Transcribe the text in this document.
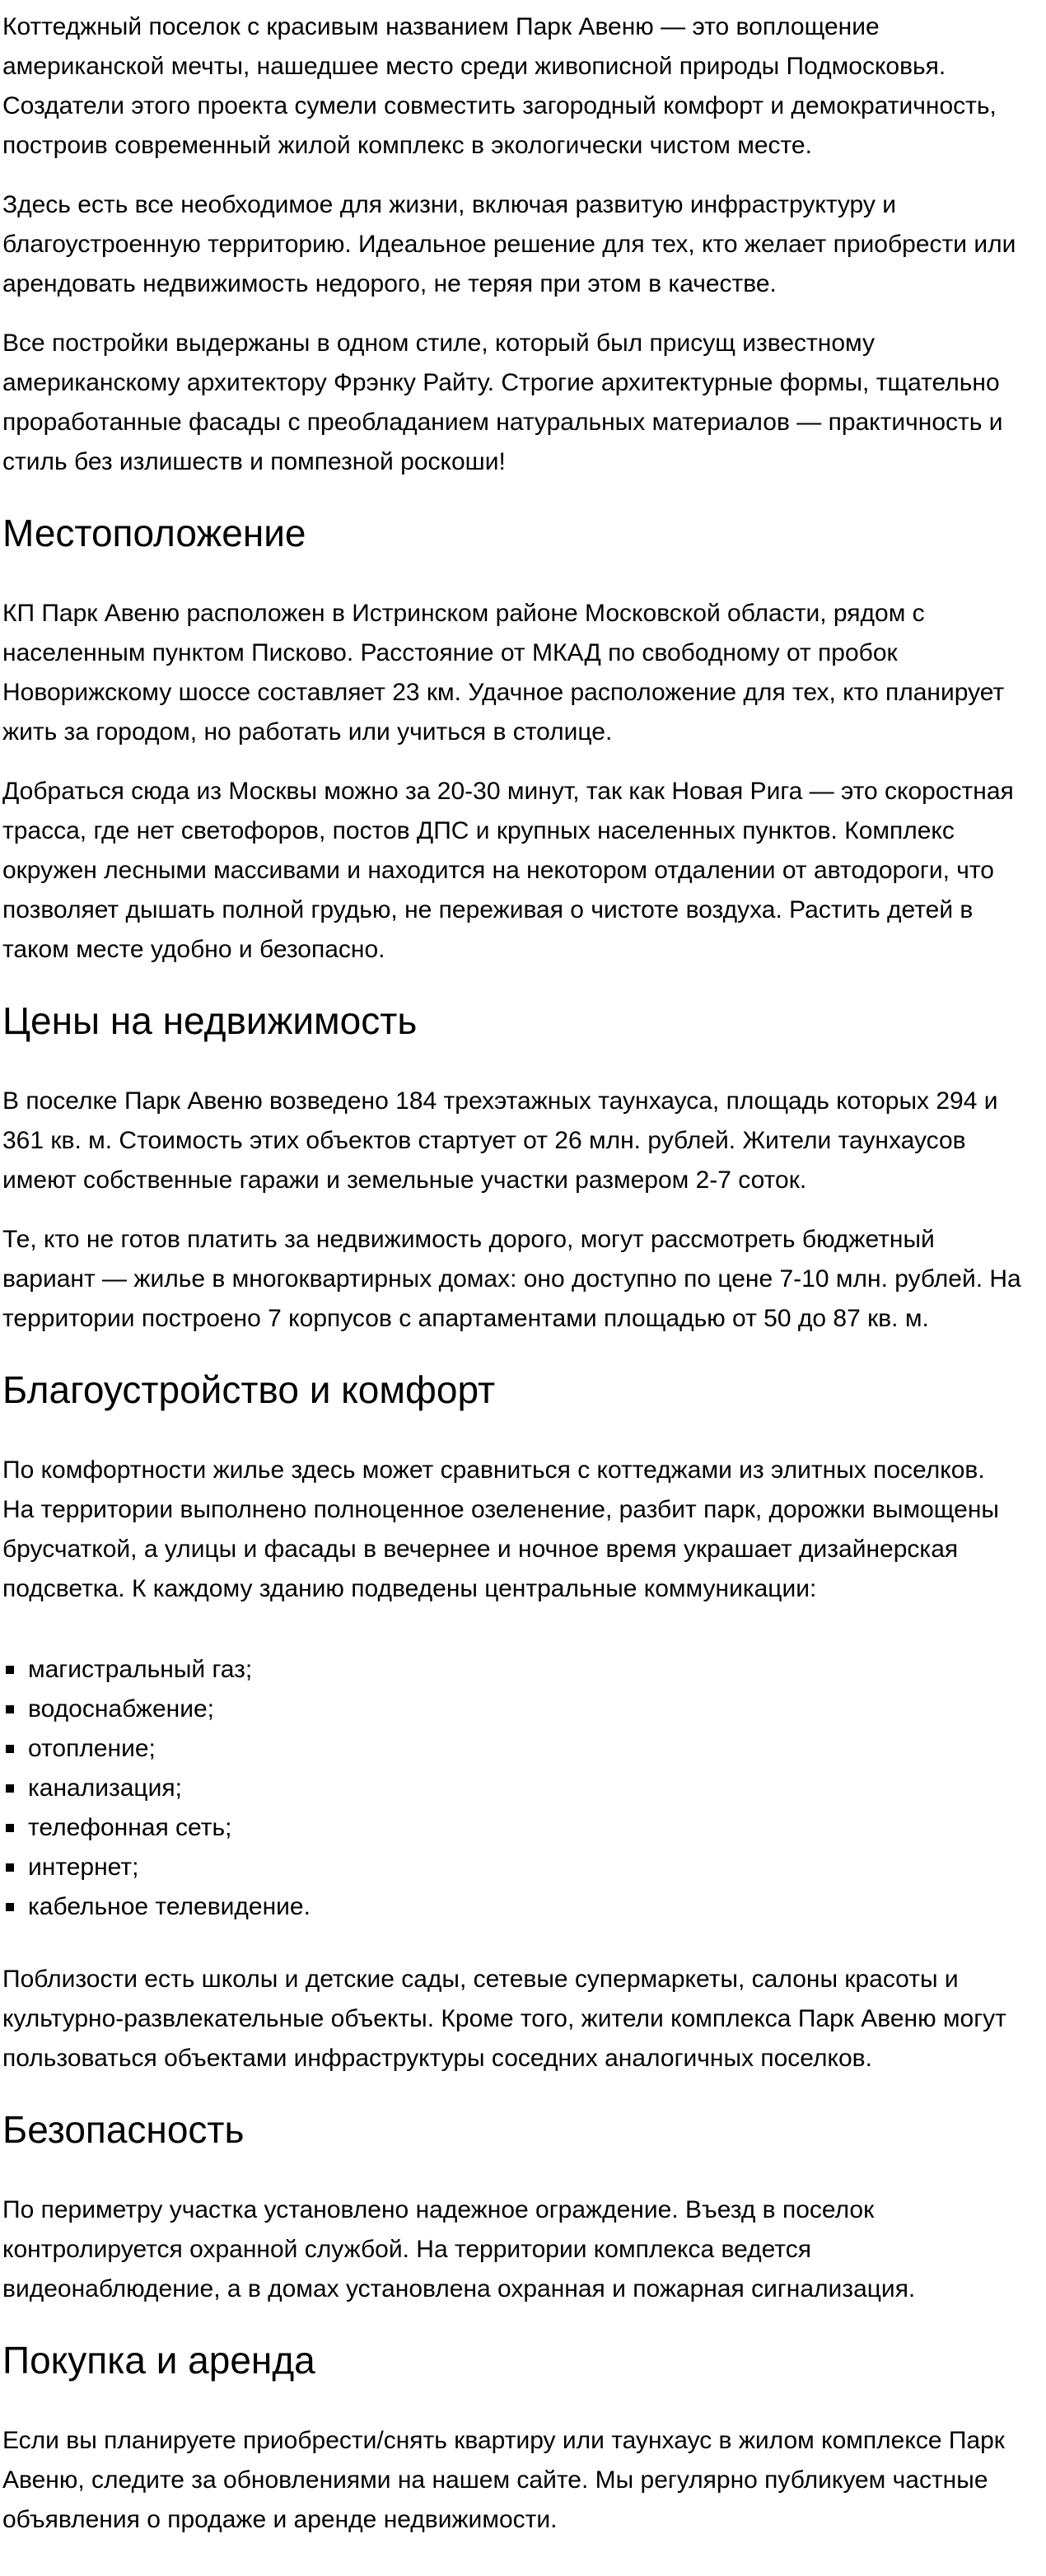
Коттеджный поселок с красивым названием Парк Авеню — это воплощение американской мечты, нашедшее место среди живописной природы Подмосковья. Создатели этого проекта сумели совместить загородный комфорт и демократичность, построив современный жилой комплекс в экологически чистом месте.

Здесь есть все необходимое для жизни, включая развитую инфраструктуру и благоустроенную территорию. Идеальное решение для тех, кто желает приобрести или арендовать недвижимость недорого, не теряя при этом в качестве.

Все постройки выдержаны в одном стиле, который был присущ известному американскому архитектору Фрэнку Райту. Строгие архитектурные формы, тщательно проработанные фасады с преобладанием натуральных материалов — практичность и стиль без излишеств и помпезной роскоши!

Местоположение

КП Парк Авеню расположен в Истринском районе Московской области, рядом с населенным пунктом Писково. Расстояние от МКАД по свободному от пробок Новорижскому шоссе составляет 23 км. Удачное расположение для тех, кто планирует жить за городом, но работать или учиться в столице.

Добраться сюда из Москвы можно за 20-30 минут, так как Новая Рига — это скоростная трасса, где нет светофоров, постов ДПС и крупных населенных пунктов. Комплекс окружен лесными массивами и находится на некотором отдалении от автодороги, что позволяет дышать полной грудью, не переживая о чистоте воздуха. Растить детей в таком месте удобно и безопасно.

Цены на недвижимость

В поселке Парк Авеню возведено 184 трехэтажных таунхауса, площадь которых 294 и 361 кв. м. Стоимость этих объектов стартует от 26 млн. рублей. Жители таунхаусов имеют собственные гаражи и земельные участки размером 2-7 соток.

Те, кто не готов платить за недвижимость дорого, могут рассмотреть бюджетный вариант — жилье в многоквартирных домах: оно доступно по цене 7-10 млн. рублей. На территории построено 7 корпусов с апартаментами площадью от 50 до 87 кв. м.

Благоустройство и комфорт

По комфортности жилье здесь может сравниться с коттеджами из элитных поселков. На территории выполнено полноценное озеленение, разбит парк, дорожки вымощены брусчаткой, а улицы и фасады в вечернее и ночное время украшает дизайнерская подсветка. К каждому зданию подведены центральные коммуникации:

магистральный газ;
водоснабжение;
отопление;
канализация;
телефонная сеть;
интернет;
кабельное телевидение.

Поблизости есть школы и детские сады, сетевые супермаркеты, салоны красоты и культурно-развлекательные объекты. Кроме того, жители комплекса Парк Авеню могут пользоваться объектами инфраструктуры соседних аналогичных поселков.

Безопасность

По периметру участка установлено надежное ограждение. Въезд в поселок контролируется охранной службой. На территории комплекса ведется видеонаблюдение, а в домах установлена охранная и пожарная сигнализация.

Покупка и аренда

Если вы планируете приобрести/снять квартиру или таунхаус в жилом комплексе Парк Авеню, следите за обновлениями на нашем сайте. Мы регулярно публикуем частные объявления о продаже и аренде недвижимости.
